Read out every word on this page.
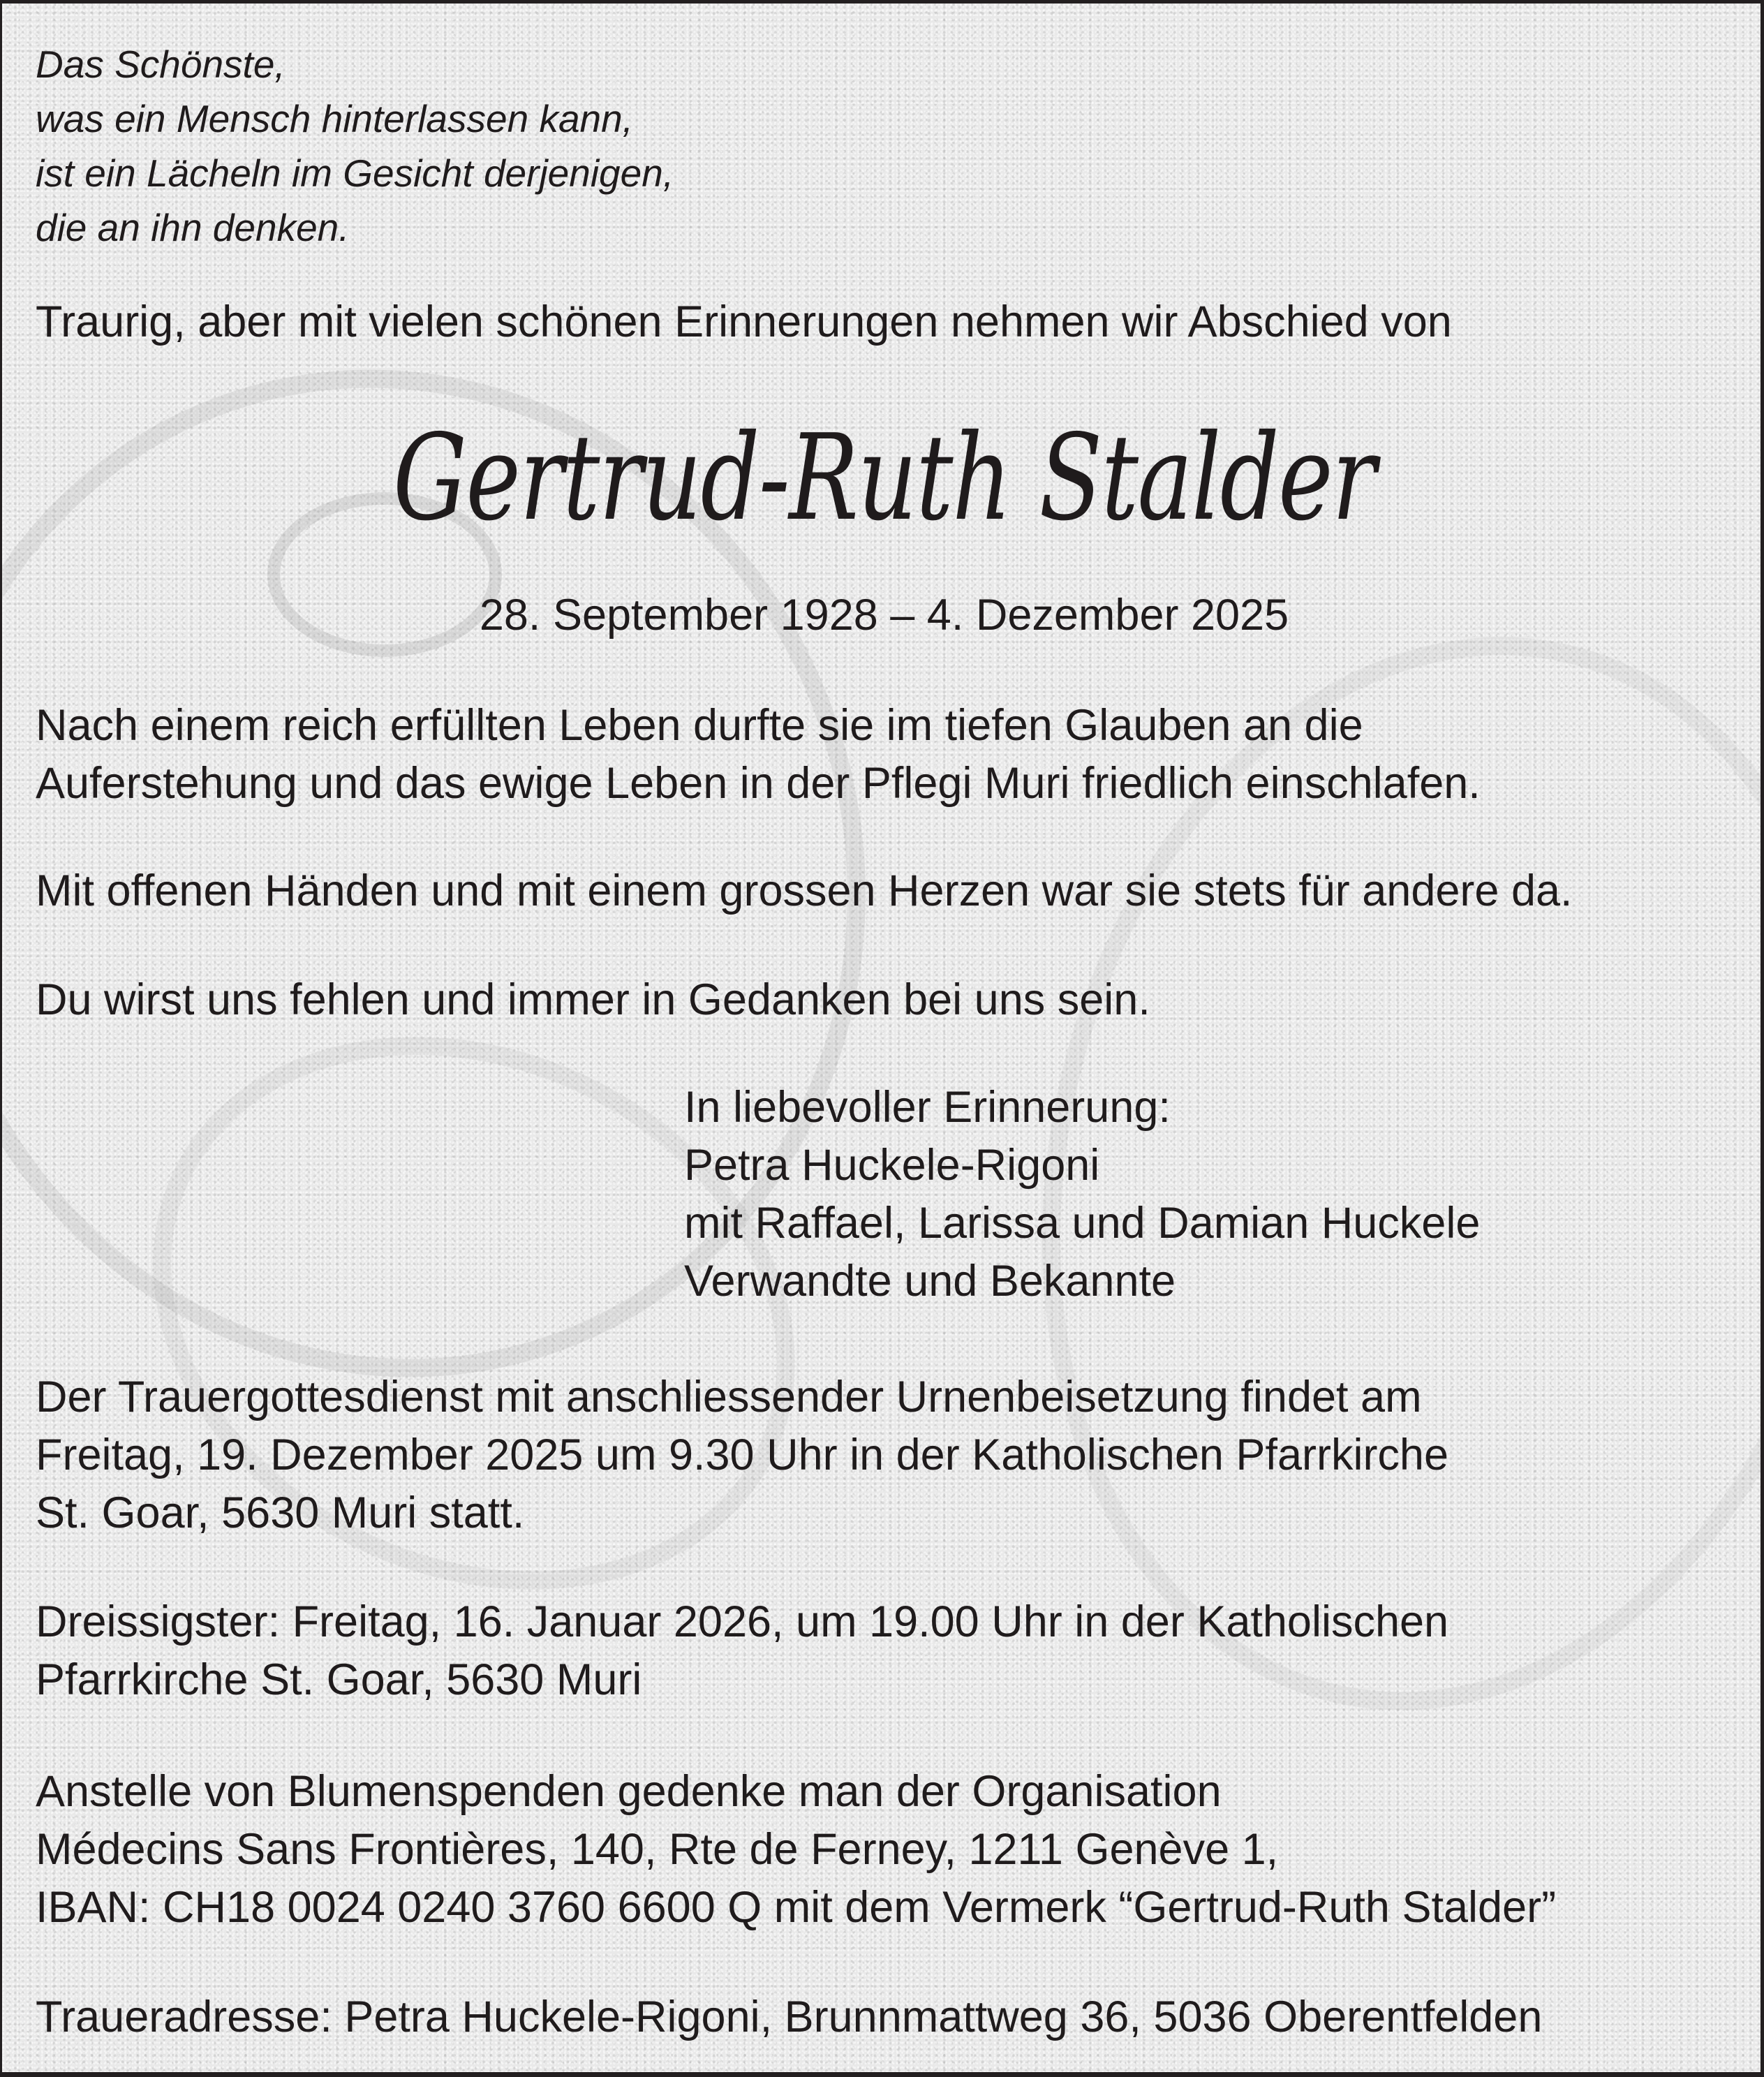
Das Schönste,
was ein Mensch hinterlassen kann,
ist ein Lächeln im Gesicht derjenigen,
die an ihn denken.
Traurig, aber mit vielen schönen Erinnerungen nehmen wir Abschied von
Gertrud-Ruth Stalder
28. September 1928 – 4. Dezember 2025
Nach einem reich erfüllten Leben durfte sie im tiefen Glauben an die
Auferstehung und das ewige Leben in der Pflegi Muri friedlich einschlafen.
Mit offenen Händen und mit einem grossen Herzen war sie stets für andere da.
Du wirst uns fehlen und immer in Gedanken bei uns sein.
In liebevoller Erinnerung:
Petra Huckele-Rigoni
mit Raffael, Larissa und Damian Huckele
Verwandte und Bekannte
Der Trauergottesdienst mit anschliessender Urnenbeisetzung findet am
Freitag, 19. Dezember 2025 um 9.30 Uhr in der Katholischen Pfarrkirche
St. Goar, 5630 Muri statt.
Dreissigster: Freitag, 16. Januar 2026, um 19.00 Uhr in der Katholischen
Pfarrkirche St. Goar, 5630 Muri
Anstelle von Blumenspenden gedenke man der Organisation
Médecins Sans Frontières, 140, Rte de Ferney, 1211 Genève 1,
IBAN: CH18 0024 0240 3760 6600 Q mit dem Vermerk “Gertrud-Ruth Stalder”
Traueradresse: Petra Huckele-Rigoni, Brunnmattweg 36, 5036 Oberentfelden
